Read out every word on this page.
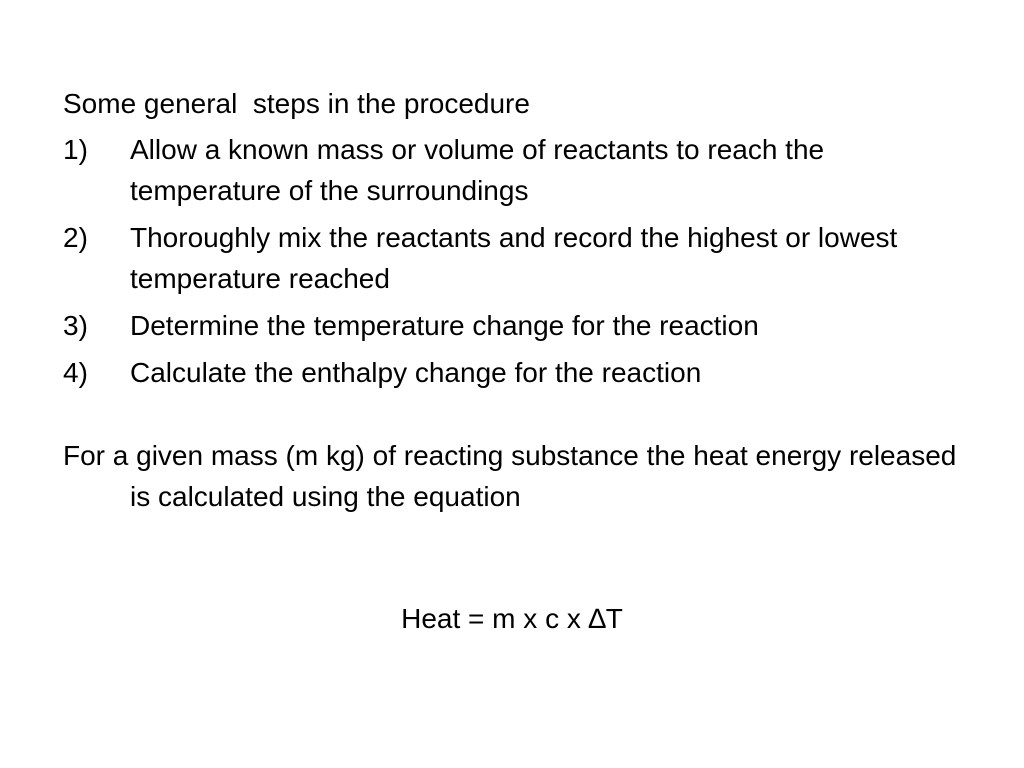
Some general  steps in the procedure

1)	Allow a known mass or volume of reactants to reach the temperature of the surroundings
2)	Thoroughly mix the reactants and record the highest or lowest temperature reached
3)	Determine the temperature change for the reaction
4)	Calculate the enthalpy change for the reaction

For a given mass (m kg) of reacting substance the heat energy released is calculated using the equation

Heat = m x c x ∆T
